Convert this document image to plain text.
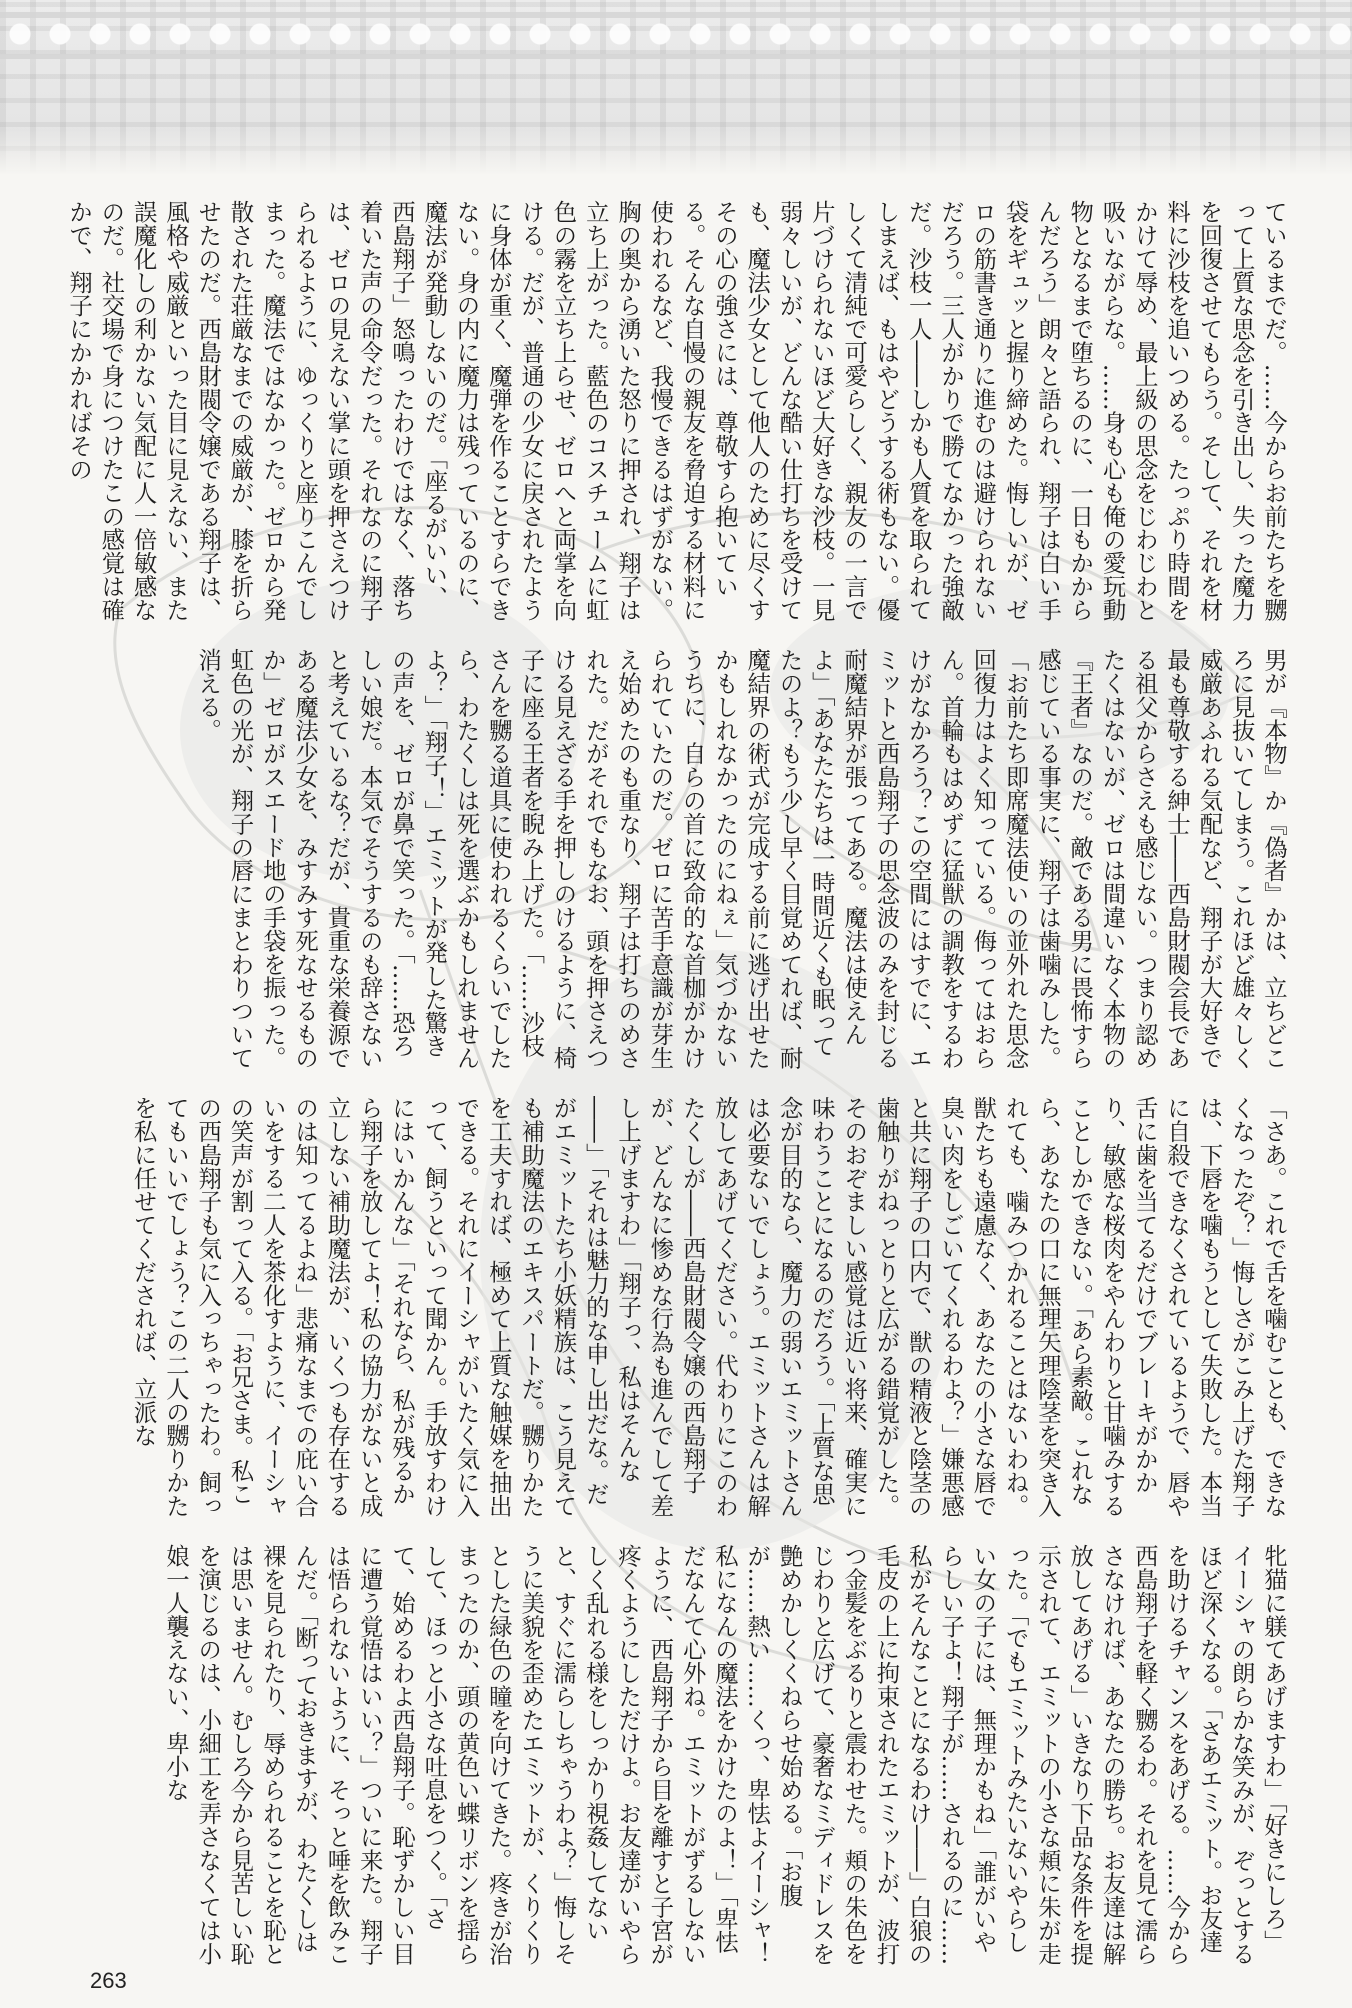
ているまでだ。……今からお前たちを嬲って上質な思念を引き出し、失った魔力を回復させてもらう。そして、それを材料に沙枝を追いつめる。たっぷり時間をかけて辱め、最上級の思念をじわじわと吸いながらな。……身も心も俺の愛玩動物となるまで堕ちるのに、一日もかからんだろう」朗々と語られ、翔子は白い手袋をギュッと握り締めた。悔しいが、ゼロの筋書き通りに進むのは避けられないだろう。三人がかりで勝てなかった強敵だ。沙枝一人――しかも人質を取られてしまえば、もはやどうする術もない。優しくて清純で可愛らしく、親友の一言で片づけられないほど大好きな沙枝。一見弱々しいが、どんな酷い仕打ちを受けても、魔法少女として他人のために尽くすその心の強さには、尊敬すら抱いている。そんな自慢の親友を脅迫する材料に使われるなど、我慢できるはずがない。胸の奥から湧いた怒りに押され、翔子は立ち上がった。藍色のコスチュームに虹色の霧を立ち上らせ、ゼロへと両掌を向ける。だが、普通の少女に戻されたように身体が重く、魔弾を作ることすらできない。身の内に魔力は残っているのに、魔法が発動しないのだ。「座るがいい、西島翔子」怒鳴ったわけではなく、落ち着いた声の命令だった。それなのに翔子は、ゼロの見えない掌に頭を押さえつけられるように、ゆっくりと座りこんでしまった。魔法ではなかった。ゼロから発散された荘厳なまでの威厳が、膝を折らせたのだ。西島財閥令嬢である翔子は、風格や威厳といった目に見えない、また誤魔化しの利かない気配に人一倍敏感なのだ。社交場で身につけたこの感覚は確かで、翔子にかかればその

男が『本物』か『偽者』かは、立ちどころに見抜いてしまう。これほど雄々しく威厳あふれる気配など、翔子が大好きで最も尊敬する紳士――西島財閥会長である祖父からさえも感じない。つまり認めたくはないが、ゼロは間違いなく本物の『王者』なのだ。敵である男に畏怖すら感じている事実に、翔子は歯噛みした。「お前たち即席魔法使いの並外れた思念回復力はよく知っている。侮ってはおらん。首輪もはめずに猛獣の調教をするわけがなかろう？この空間にはすでに、エミットと西島翔子の思念波のみを封じる耐魔結界が張ってある。魔法は使えんよ」「あなたたちは一時間近くも眠ってたのよ？もう少し早く目覚めてれば、耐魔結界の術式が完成する前に逃げ出せたかもしれなかったのにねぇ」気づかないうちに、自らの首に致命的な首枷がかけられていたのだ。ゼロに苦手意識が芽生え始めたのも重なり、翔子は打ちのめされた。だがそれでもなお、頭を押さえつける見えざる手を押しのけるように、椅子に座る王者を睨み上げた。「……沙枝さんを嬲る道具に使われるくらいでしたら、わたくしは死を選ぶかもしれませんよ？」「翔子！」エミットが発した驚きの声を、ゼロが鼻で笑った。「……恐ろしい娘だ。本気でそうするのも辞さないと考えているな？だが、貴重な栄養源である魔法少女を、みすみす死なせるものか」ゼロがスエード地の手袋を振った。虹色の光が、翔子の唇にまとわりついて消える。

「さあ。これで舌を噛むことも、できなくなったぞ？」悔しさがこみ上げた翔子は、下唇を噛もうとして失敗した。本当に自殺できなくされているようで、唇や舌に歯を当てるだけでブレーキがかかり、敏感な桜肉をやんわりと甘噛みすることしかできない。「あら素敵。これなら、あなたの口に無理矢理陰茎を突き入れても、噛みつかれることはないわね。獣たちも遠慮なく、あなたの小さな唇で臭い肉をしごいてくれるわよ？」嫌悪感と共に翔子の口内で、獣の精液と陰茎の歯触りがねっとりと広がる錯覚がした。そのおぞましい感覚は近い将来、確実に味わうことになるのだろう。「上質な思念が目的なら、魔力の弱いエミットさんは必要ないでしょう。エミットさんは解放してあげてください。代わりにこのわたくしが――西島財閥令嬢の西島翔子が、どんなに惨めな行為も進んでして差し上げますわ」「翔子っ、私はそんな――」「それは魅力的な申し出だな。だがエミットたち小妖精族は、こう見えても補助魔法のエキスパートだ。嬲りかたを工夫すれば、極めて上質な触媒を抽出できる。それにイーシャがいたく気に入って、飼うといって聞かん。手放すわけにはいかんな」「それなら、私が残るから翔子を放してよ！私の協力がないと成立しない補助魔法が、いくつも存在するのは知ってるよね」悲痛なまでの庇い合いをする二人を茶化すように、イーシャの笑声が割って入る。「お兄さま。私この西島翔子も気に入っちゃったわ。飼ってもいいでしょう？この二人の嬲りかたを私に任せてくだされば、立派な

牝猫に躾てあげますわ」「好きにしろ」イーシャの朗らかな笑みが、ぞっとするほど深くなる。「さあエミット。お友達を助けるチャンスをあげる。……今から西島翔子を軽く嬲るわ。それを見て濡らさなければ、あなたの勝ち。お友達は解放してあげる」いきなり下品な条件を提示されて、エミットの小さな頬に朱が走った。「でもエミットみたいないやらしい女の子には、無理かもね」「誰がいやらしい子よ！翔子が……されるのに……私がそんなことになるわけ――」白狼の毛皮の上に拘束されたエミットが、波打つ金髪をぶるりと震わせた。頬の朱色をじわりと広げて、豪奢なミディドレスを艶めかしくくねらせ始める。「お腹が……熱い……くっ、卑怯よイーシャ！私になんの魔法をかけたのよ！」「卑怯だなんて心外ね。エミットがずるしないように、西島翔子から目を離すと子宮が疼くようにしただけよ。お友達がいやらしく乱れる様をしっかり視姦してないと、すぐに濡らしちゃうわよ？」悔しそうに美貌を歪めたエミットが、くりくりとした緑色の瞳を向けてきた。疼きが治まったのか、頭の黄色い蝶リボンを揺らして、ほっと小さな吐息をつく。「さて、始めるわよ西島翔子。恥ずかしい目に遭う覚悟はいい？」ついに来た。翔子は悟られないように、そっと唾を飲みこんだ。「断っておきますが、わたくしは裸を見られたり、辱められることを恥とは思いません。むしろ今から見苦しい恥を演じるのは、小細工を弄さなくては小娘一人襲えない、卑小な

263
